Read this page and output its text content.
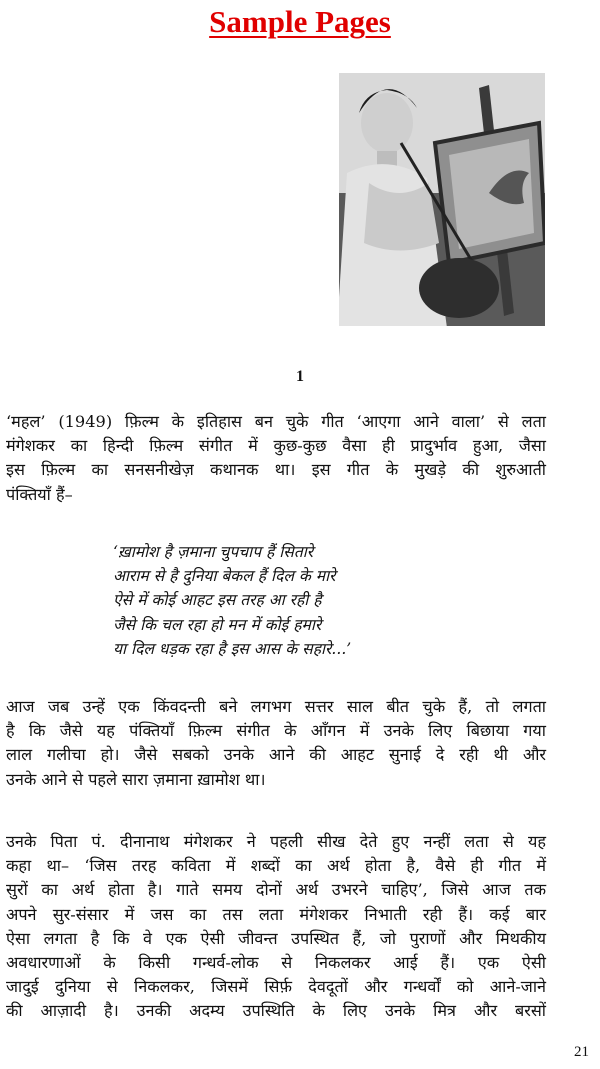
Sample Pages
1
‘महल’ (1949) फ़िल्म के इतिहास बन चुके गीत ‘आएगा आने वाला’ से लता
मंगेशकर का हिन्दी फ़िल्म संगीत में कुछ-कुछ वैसा ही प्रादुर्भाव हुआ, जैसा
इस फ़िल्म का सनसनीखेज़ कथानक था। इस गीत के मुखड़े की शुरुआती
पंक्तियाँ हैं–
‘ख़ामोश है ज़माना चुपचाप हैं सितारे
आराम से है दुनिया बेकल हैं दिल के मारे
ऐसे में कोई आहट इस तरह आ रही है
जैसे कि चल रहा हो मन में कोई हमारे
या दिल धड़क रहा है इस आस के सहारे...’
आज जब उन्हें एक किंवदन्ती बने लगभग सत्तर साल बीत चुके हैं, तो लगता
है कि जैसे यह पंक्तियाँ फ़िल्म संगीत के आँगन में उनके लिए बिछाया गया
लाल गलीचा हो। जैसे सबको उनके आने की आहट सुनाई दे रही थी और
उनके आने से पहले सारा ज़माना ख़ामोश था।
उनके पिता पं. दीनानाथ मंगेशकर ने पहली सीख देते हुए नन्हीं लता से यह
कहा था– ‘जिस तरह कविता में शब्दों का अर्थ होता है, वैसे ही गीत में
सुरों का अर्थ होता है। गाते समय दोनों अर्थ उभरने चाहिए’, जिसे आज तक
अपने सुर-संसार में जस का तस लता मंगेशकर निभाती रही हैं। कई बार
ऐसा लगता है कि वे एक ऐसी जीवन्त उपस्थित हैं, जो पुराणों और मिथकीय
अवधारणाओं के किसी गन्धर्व-लोक से निकलकर आई हैं। एक ऐसी
जादुई दुनिया से निकलकर, जिसमें सिर्फ़ देवदूतों और गन्धर्वों को आने-जाने
की आज़ादी है। उनकी अदम्य उपस्थिति के लिए उनके मित्र और बरसों
21
